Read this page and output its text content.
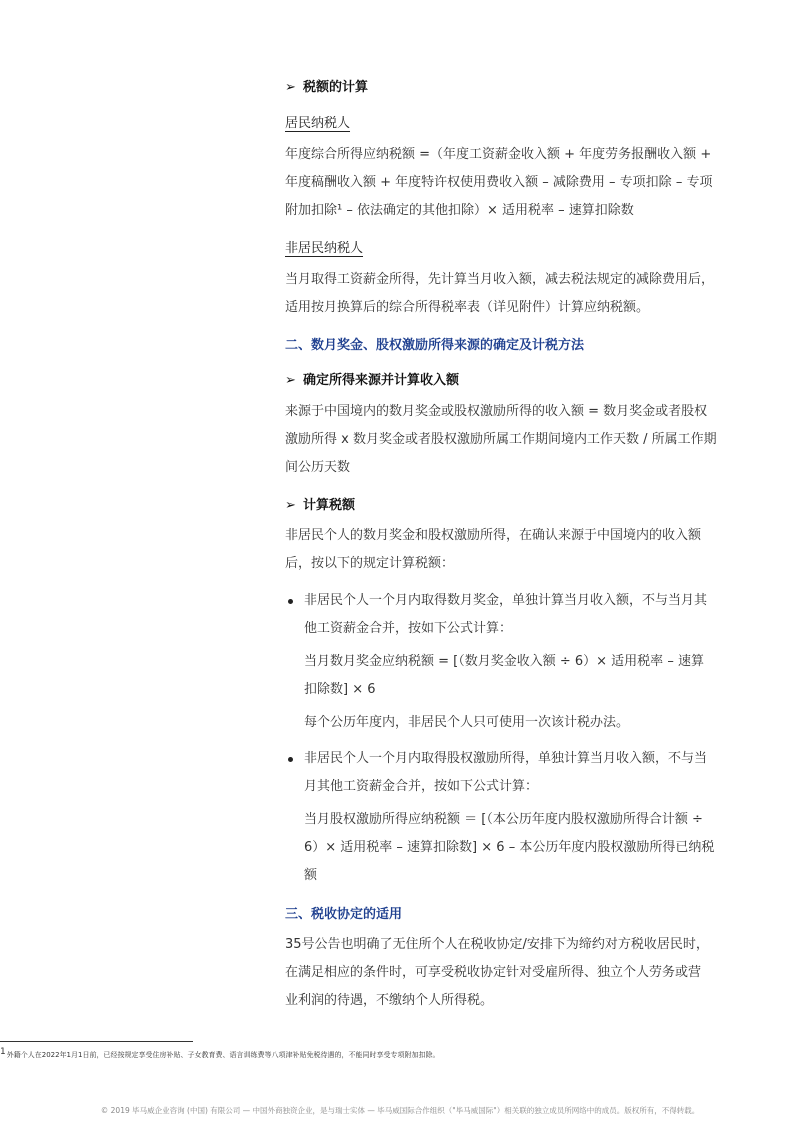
➢ 税额的计算
居民纳税人
年度综合所得应纳税额 =（年度工资薪金收入额 + 年度劳务报酬收入额 +
年度稿酬收入额 + 年度特许权使用费收入额 – 减除费用 – 专项扣除 – 专项
附加扣除¹ – 依法确定的其他扣除）× 适用税率 – 速算扣除数
非居民纳税人
当月取得工资薪金所得，先计算当月收入额，减去税法规定的减除费用后，
适用按月换算后的综合所得税率表（详见附件）计算应纳税额。
二、数月奖金、股权激励所得来源的确定及计税方法
➢ 确定所得来源并计算收入额
来源于中国境内的数月奖金或股权激励所得的收入额 = 数月奖金或者股权
激励所得 x 数月奖金或者股权激励所属工作期间境内工作天数 / 所属工作期
间公历天数
➢ 计算税额
非居民个人的数月奖金和股权激励所得，在确认来源于中国境内的收入额
后，按以下的规定计算税额：
非居民个人一个月内取得数月奖金，单独计算当月收入额，不与当月其
他工资薪金合并，按如下公式计算：
当月数月奖金应纳税额 = [（数月奖金收入额 ÷ 6）× 适用税率 – 速算
扣除数] × 6
每个公历年度内，非居民个人只可使用一次该计税办法。
非居民个人一个月内取得股权激励所得，单独计算当月收入额，不与当
月其他工资薪金合并，按如下公式计算：
当月股权激励所得应纳税额 ＝ [（本公历年度内股权激励所得合计额 ÷
6）× 适用税率 – 速算扣除数] × 6 – 本公历年度内股权激励所得已纳税
额
三、税收协定的适用
35号公告也明确了无住所个人在税收协定/安排下为缔约对方税收居民时，
在满足相应的条件时，可享受税收协定针对受雇所得、独立个人劳务或营
业利润的待遇，不缴纳个人所得税。
$^1$外籍个人在2022年1月1日前，已经按规定享受住房补贴、子女教育费、语言训练费等八项津补贴免税待遇的，不能同时享受专项附加扣除。
© 2019 毕马威企业咨询 (中国) 有限公司 — 中国外商独资企业，是与瑞士实体 — 毕马威国际合作组织（"毕马威国际"）相关联的独立成员所网络中的成员。版权所有，不得转载。
